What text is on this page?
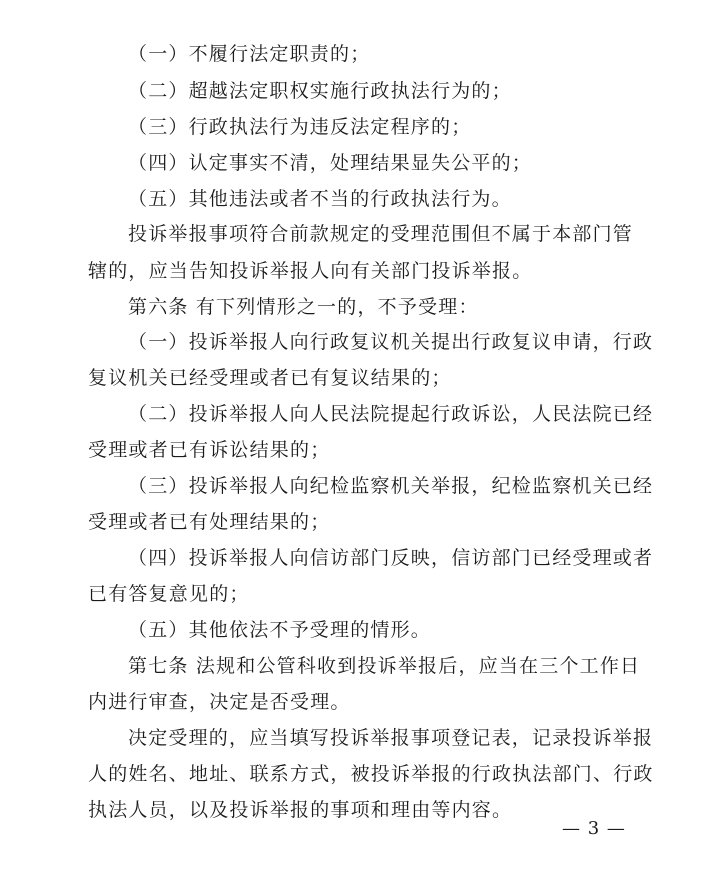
（一）不履行法定职责的；
（二）超越法定职权实施行政执法行为的；
（三）行政执法行为违反法定程序的；
（四）认定事实不清，处理结果显失公平的；
（五）其他违法或者不当的行政执法行为。
投诉举报事项符合前款规定的受理范围但不属于本部门管
辖的，应当告知投诉举报人向有关部门投诉举报。
第六条 有下列情形之一的，不予受理：
（一）投诉举报人向行政复议机关提出行政复议申请，行政
复议机关已经受理或者已有复议结果的；
（二）投诉举报人向人民法院提起行政诉讼，人民法院已经
受理或者已有诉讼结果的；
（三）投诉举报人向纪检监察机关举报，纪检监察机关已经
受理或者已有处理结果的；
（四）投诉举报人向信访部门反映，信访部门已经受理或者
已有答复意见的；
（五）其他依法不予受理的情形。
第七条 法规和公管科收到投诉举报后，应当在三个工作日
内进行审查，决定是否受理。
决定受理的，应当填写投诉举报事项登记表，记录投诉举报
人的姓名、地址、联系方式，被投诉举报的行政执法部门、行政
执法人员，以及投诉举报的事项和理由等内容。
— 3 —
